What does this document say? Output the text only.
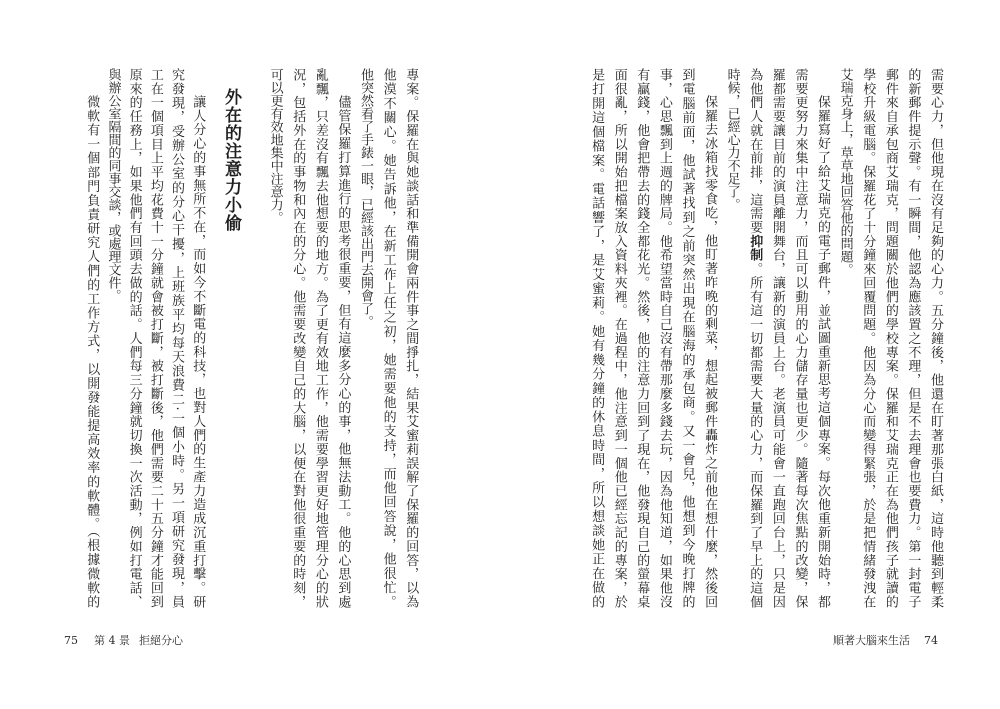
需要心力，但他現在沒有足夠的心力。五分鐘後，他還在盯著那張白紙，這時他聽到輕柔
的新郵件提示聲。有一瞬間，他認為應該置之不理，但是不去理會也要費力。第一封電子
郵件來自承包商艾瑞克，問題關於他們的學校專案。保羅和艾瑞克正在為他們孩子就讀的
學校升級電腦。保羅花了十分鐘來回覆問題。他因為分心而變得緊張，於是把情緒發洩在
艾瑞克身上，草草地回答他的問題。
保羅寫好了給艾瑞克的電子郵件，並試圖重新思考這個專案。每次他重新開始時，都
需要更努力來集中注意力，而且可以動用的心力儲存量也更少。隨著每次焦點的改變，保
羅都需要讓目前的演員離開舞台，讓新的演員上台。老演員可能會一直跑回台上，只是因
為他們人就在前排，這需要抑制。所有這一切都需要大量的心力，而保羅到了早上的這個
時候，已經心力不足了。
保羅去冰箱找零食吃，他盯著昨晚的剩菜，想起被郵件轟炸之前他在想什麼，然後回
到電腦前面，他試著找到之前突然出現在腦海的承包商。又一會兒，他想到今晚打牌的
事，心思飄到上週的牌局。他希望當時自己沒有帶那麼多錢去玩，因為他知道，如果他沒
有贏錢，他會把帶去的錢全都花光。然後，他的注意力回到了現在，他發現自己的螢幕桌
面很亂，所以開始把檔案放入資料夾裡。在過程中，他注意到一個他已經忘記的專案，於
是打開這個檔案。電話響了，是艾蜜莉。她有幾分鐘的休息時間，所以想談她正在做的
專案。保羅在與她談話和準備開會兩件事之間掙扎，結果艾蜜莉誤解了保羅的回答，以為
他漠不關心。她告訴他，在新工作上任之初，她需要他的支持，而他回答說，他很忙。
他突然看了手錶一眼，已經該出門去開會了。
儘管保羅打算進行的思考很重要，但有這麼多分心的事，他無法動工。他的心思到處
亂飄，只差沒有飄去他想要的地方。為了更有效地工作，他需要學習更好地管理分心的狀
況，包括外在的事物和內在的分心。他需要改變自己的大腦，以便在對他很重要的時刻，
可以更有效地集中注意力。
外在的注意力小偷
讓人分心的事無所不在，而如今不斷電的科技，也對人們的生產力造成沉重打擊。研
究發現，受辦公室的分心干擾，上班族平均每天浪費二‧一個小時。另一項研究發現，員
工在一個項目上平均花費十一分鐘就會被打斷，被打斷後，他們需要二十五分鐘才能回到
原來的任務上，如果他們有回頭去做的話。人們每三分鐘就切換一次活動，例如打電話、
與辦公室隔間的同事交談，或處理文件。
微軟有一個部門負責研究人們的工作方式，以開發能提高效率的軟體。（根據微軟的
75 第 4 景 拒絕分心	順著大腦來生活 74
